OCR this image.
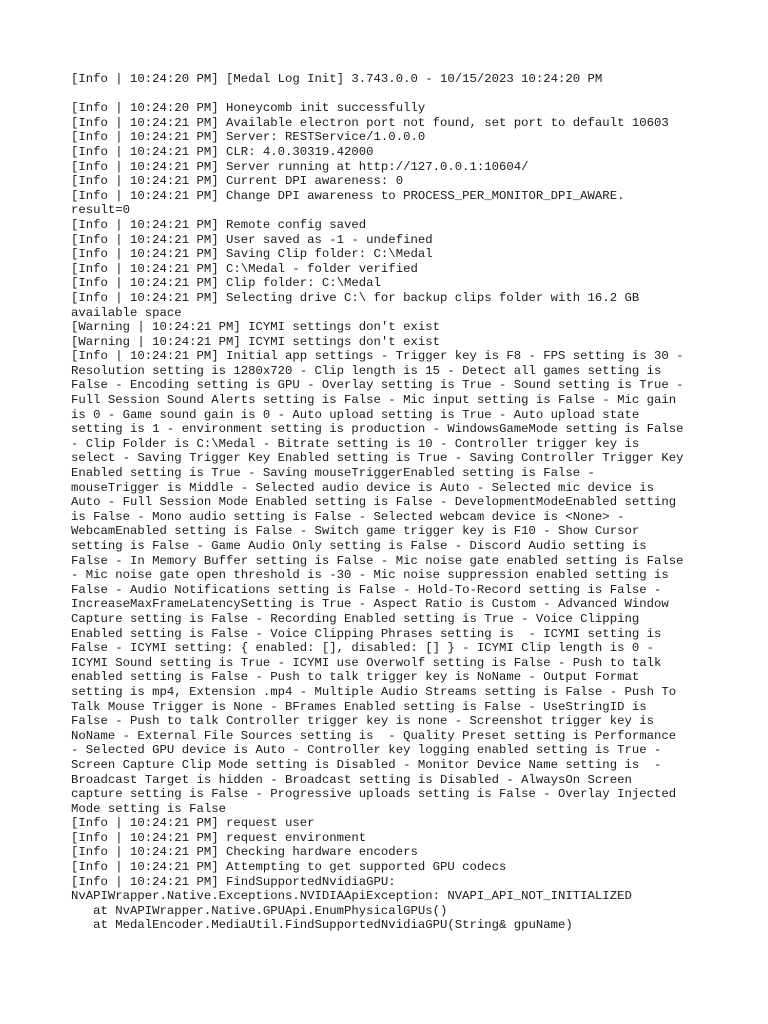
[Info | 10:24:20 PM] [Medal Log Init] 3.743.0.0 - 10/15/2023 10:24:20 PM
[Info | 10:24:20 PM] Honeycomb init successfully
[Info | 10:24:21 PM] Available electron port not found, set port to default 10603
[Info | 10:24:21 PM] Server: RESTService/1.0.0.0
[Info | 10:24:21 PM] CLR: 4.0.30319.42000
[Info | 10:24:21 PM] Server running at http://127.0.0.1:10604/
[Info | 10:24:21 PM] Current DPI awareness: 0
[Info | 10:24:21 PM] Change DPI awareness to PROCESS_PER_MONITOR_DPI_AWARE.
result=0
[Info | 10:24:21 PM] Remote config saved
[Info | 10:24:21 PM] User saved as -1 - undefined
[Info | 10:24:21 PM] Saving Clip folder: C:\Medal
[Info | 10:24:21 PM] C:\Medal - folder verified
[Info | 10:24:21 PM] Clip folder: C:\Medal
[Info | 10:24:21 PM] Selecting drive C:\ for backup clips folder with 16.2 GB
available space
[Warning | 10:24:21 PM] ICYMI settings don't exist
[Warning | 10:24:21 PM] ICYMI settings don't exist
[Info | 10:24:21 PM] Initial app settings - Trigger key is F8 - FPS setting is 30 -
Resolution setting is 1280x720 - Clip length is 15 - Detect all games setting is
False - Encoding setting is GPU - Overlay setting is True - Sound setting is True -
Full Session Sound Alerts setting is False - Mic input setting is False - Mic gain
is 0 - Game sound gain is 0 - Auto upload setting is True - Auto upload state
setting is 1 - environment setting is production - WindowsGameMode setting is False
- Clip Folder is C:\Medal - Bitrate setting is 10 - Controller trigger key is
select - Saving Trigger Key Enabled setting is True - Saving Controller Trigger Key
Enabled setting is True - Saving mouseTriggerEnabled setting is False -
mouseTrigger is Middle - Selected audio device is Auto - Selected mic device is
Auto - Full Session Mode Enabled setting is False - DevelopmentModeEnabled setting
is False - Mono audio setting is False - Selected webcam device is <None> -
WebcamEnabled setting is False - Switch game trigger key is F10 - Show Cursor
setting is False - Game Audio Only setting is False - Discord Audio setting is
False - In Memory Buffer setting is False - Mic noise gate enabled setting is False
- Mic noise gate open threshold is -30 - Mic noise suppression enabled setting is
False - Audio Notifications setting is False - Hold-To-Record setting is False -
IncreaseMaxFrameLatencySetting is True - Aspect Ratio is Custom - Advanced Window
Capture setting is False - Recording Enabled setting is True - Voice Clipping
Enabled setting is False - Voice Clipping Phrases setting is  - ICYMI setting is
False - ICYMI setting: { enabled: [], disabled: [] } - ICYMI Clip length is 0 -
ICYMI Sound setting is True - ICYMI use Overwolf setting is False - Push to talk
enabled setting is False - Push to talk trigger key is NoName - Output Format
setting is mp4, Extension .mp4 - Multiple Audio Streams setting is False - Push To
Talk Mouse Trigger is None - BFrames Enabled setting is False - UseStringID is
False - Push to talk Controller trigger key is none - Screenshot trigger key is
NoName - External File Sources setting is  - Quality Preset setting is Performance
- Selected GPU device is Auto - Controller key logging enabled setting is True -
Screen Capture Clip Mode setting is Disabled - Monitor Device Name setting is  -
Broadcast Target is hidden - Broadcast setting is Disabled - AlwaysOn Screen
capture setting is False - Progressive uploads setting is False - Overlay Injected
Mode setting is False
[Info | 10:24:21 PM] request user
[Info | 10:24:21 PM] request environment
[Info | 10:24:21 PM] Checking hardware encoders
[Info | 10:24:21 PM] Attempting to get supported GPU codecs
[Info | 10:24:21 PM] FindSupportedNvidiaGPU:
NvAPIWrapper.Native.Exceptions.NVIDIAApiException: NVAPI_API_NOT_INITIALIZED
at NvAPIWrapper.Native.GPUApi.EnumPhysicalGPUs()
at MedalEncoder.MediaUtil.FindSupportedNvidiaGPU(String& gpuName)
